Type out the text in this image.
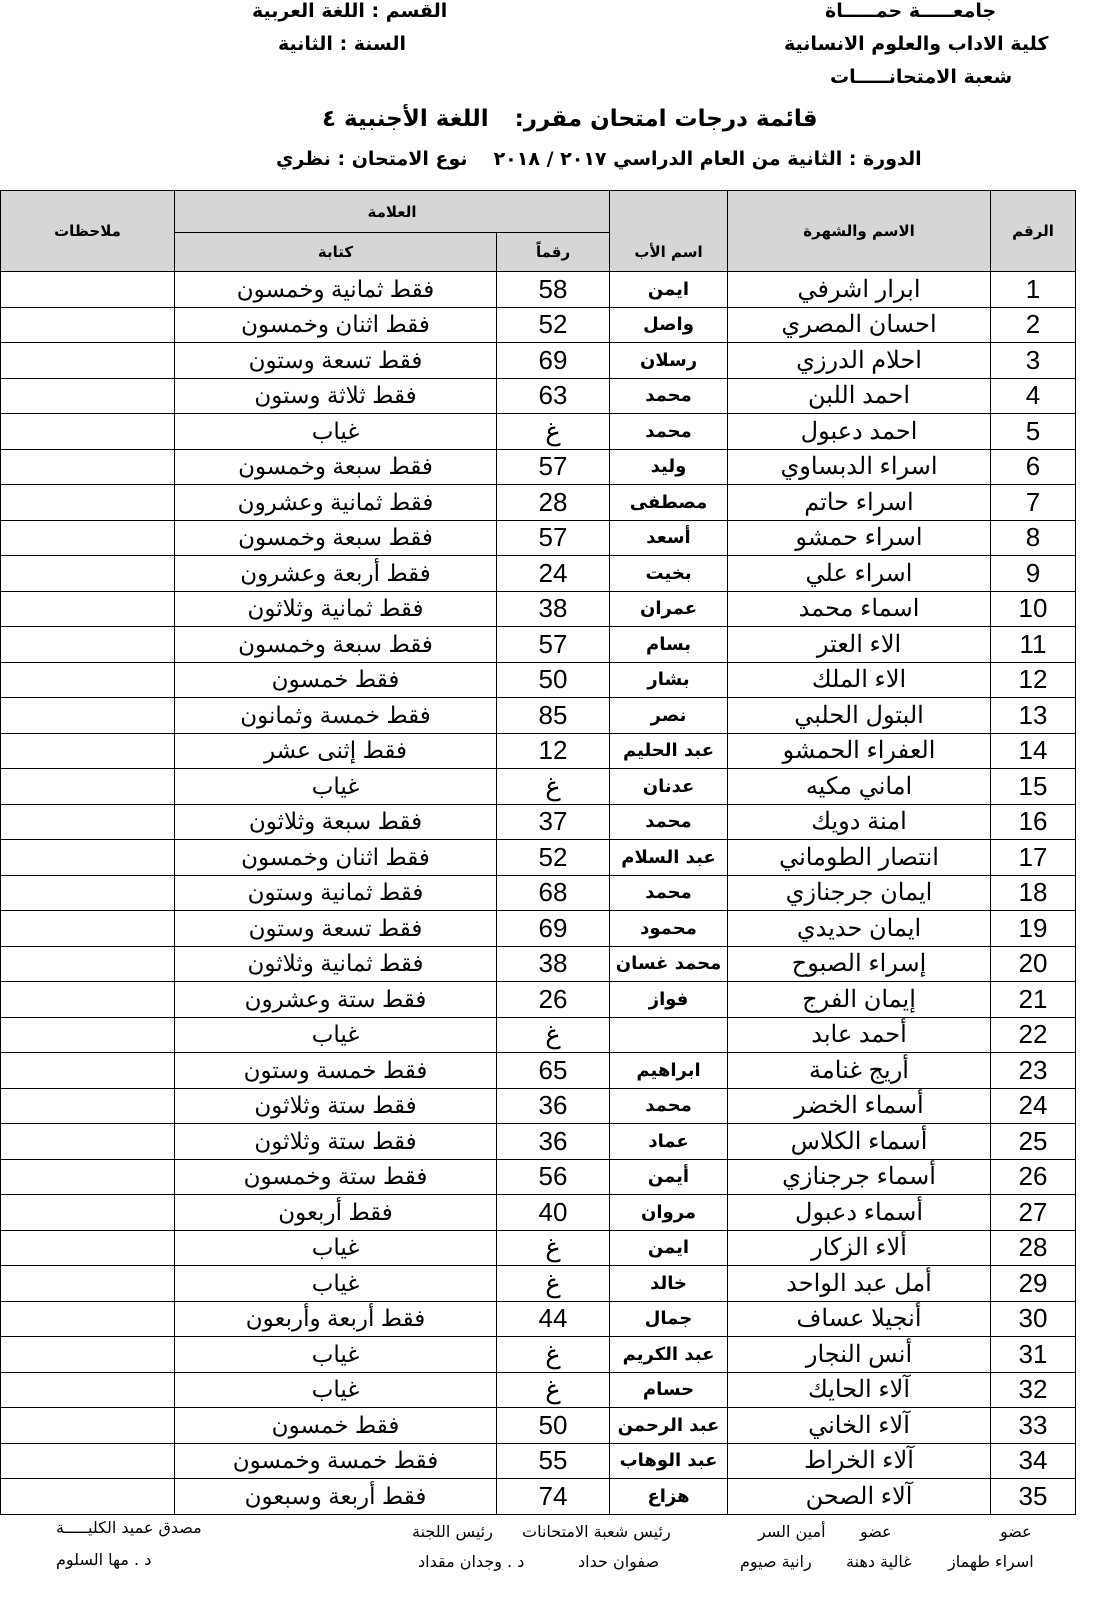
جامعـــــة حمـــــاة
كلية الاداب والعلوم الانسانية
شعبة الامتحانـــــات
القسم : اللغة العربية
السنة : الثانية
قائمة درجات امتحان مقرر:اللغة الأجنبية ٤
الدورة : الثانية من العام الدراسي ٢٠١٧ / ٢٠١٨نوع الامتحان : نظري
الرقم	الاسم والشهرة		العلامة		ملاحظات
		اسم الأب	رقماً	كتابة	
1	ابرار اشرفي	ايمن	58	فقط ثمانية وخمسون	
2	احسان المصري	واصل	52	فقط اثنان وخمسون	
3	احلام الدرزي	رسلان	69	فقط تسعة وستون	
4	احمد اللبن	محمد	63	فقط ثلاثة وستون	
5	احمد دعبول	محمد	غ	غياب	
6	اسراء الدبساوي	وليد	57	فقط سبعة وخمسون	
7	اسراء حاتم	مصطفى	28	فقط ثمانية وعشرون	
8	اسراء حمشو	أسعد	57	فقط سبعة وخمسون	
9	اسراء علي	بخيت	24	فقط أربعة وعشرون	
10	اسماء محمد	عمران	38	فقط ثمانية وثلاثون	
11	الاء العتر	بسام	57	فقط سبعة وخمسون	
12	الاء الملك	بشار	50	فقط خمسون	
13	البتول الحلبي	نصر	85	فقط خمسة وثمانون	
14	العفراء الحمشو	عبد الحليم	12	فقط إثنى عشر	
15	اماني مكيه	عدنان	غ	غياب	
16	امنة دويك	محمد	37	فقط سبعة وثلاثون	
17	انتصار الطوماني	عبد السلام	52	فقط اثنان وخمسون	
18	ايمان جرجنازي	محمد	68	فقط ثمانية وستون	
19	ايمان حديدي	محمود	69	فقط تسعة وستون	
20	إسراء الصبوح	محمد غسان	38	فقط ثمانية وثلاثون	
21	إيمان الفرج	فواز	26	فقط ستة وعشرون	
22	أحمد عابد		غ	غياب	
23	أريج غنامة	ابراهيم	65	فقط خمسة وستون	
24	أسماء الخضر	محمد	36	فقط ستة وثلاثون	
25	أسماء الكلاس	عماد	36	فقط ستة وثلاثون	
26	أسماء جرجنازي	أيمن	56	فقط ستة وخمسون	
27	أسماء دعبول	مروان	40	فقط أربعون	
28	ألاء الزكار	ايمن	غ	غياب	
29	أمل عبد الواحد	خالد	غ	غياب	
30	أنجيلا عساف	جمال	44	فقط أربعة وأربعون	
31	أنس النجار	عبد الكريم	غ	غياب	
32	آلاء الحايك	حسام	غ	غياب	
33	آلاء الخاني	عبد الرحمن	50	فقط خمسون	
34	آلاء الخراط	عبد الوهاب	55	فقط خمسة وخمسون	
35	آلاء الصحن	هزاع	74	فقط أربعة وسبعون	
مصدق عميد الكليـــــة
د . مها السلوم
رئيس اللجنة
د . وجدان مقداد
رئيس شعبة الامتحانات
صفوان حداد
أمين السر
رانية صيوم
عضو
غالية دهنة
عضو
اسراء طهماز
